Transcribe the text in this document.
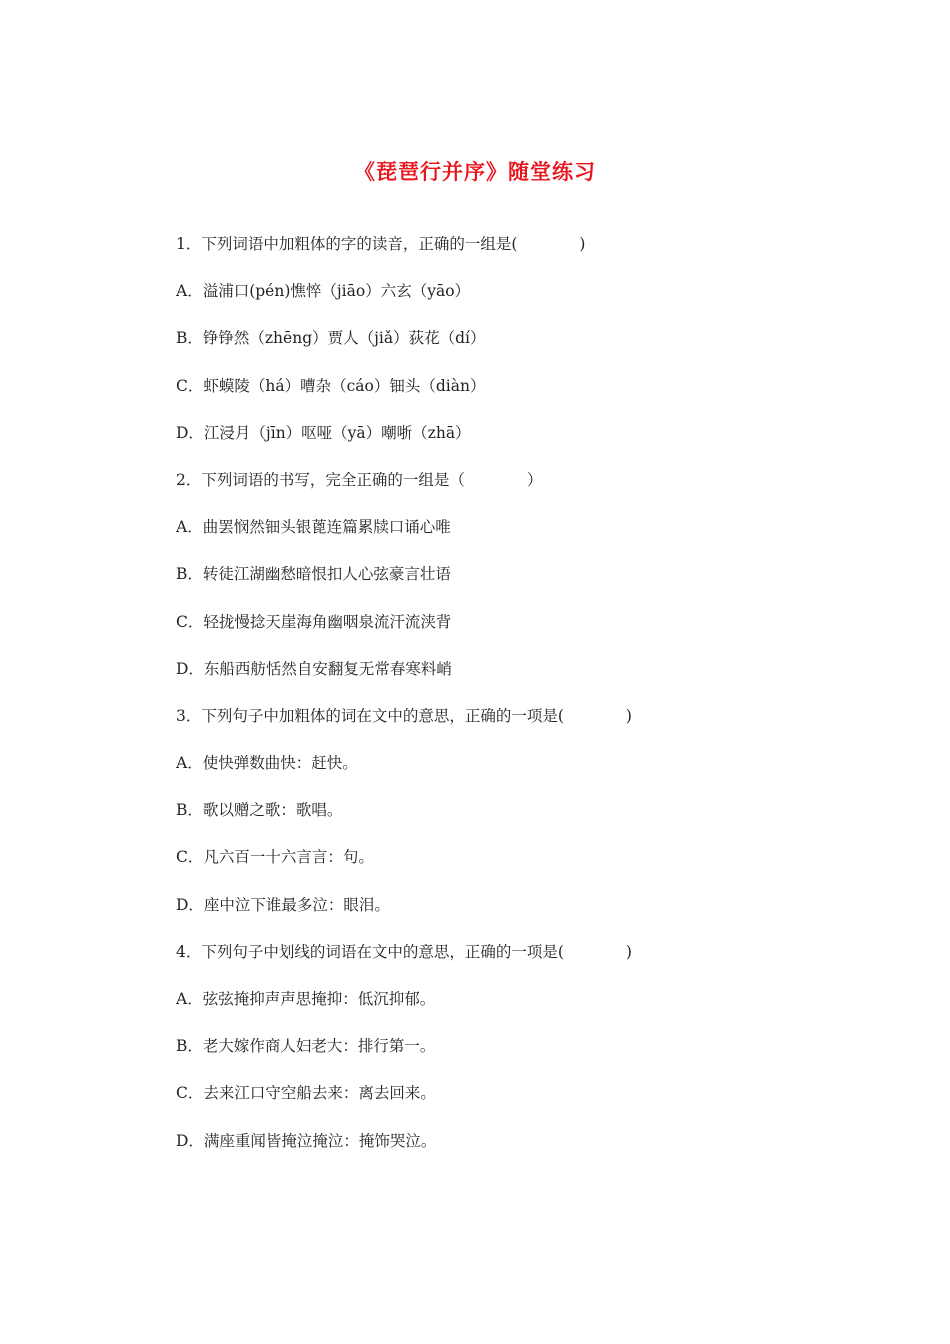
《琵琶行并序》随堂练习
1．下列词语中加粗体的字的读音，正确的一组是(　　　　)
A．溢浦口(pén)憔悴（jiāo）六玄（yāo）
B．铮铮然（zhēng）贾人（jiǎ）荻花（dí）
C．虾蟆陵（há）嘈杂（cáo）钿头（diàn）
D．江浸月（jīn）呕哑（yā）嘲哳（zhā）
2．下列词语的书写，完全正确的一组是（　　　　）
A．曲罢悯然钿头银蓖连篇累牍口诵心唯
B．转徒江湖幽愁暗恨扣人心弦豪言壮语
C．轻拢慢捻天崖海角幽咽泉流汗流浃背
D．东船西舫恬然自安翻复无常春寒料峭
3．下列句子中加粗体的词在文中的意思，正确的一项是(　　　　)
A．使快弹数曲快：赶快。
B．歌以赠之歌：歌唱。
C．凡六百一十六言言：句。
D．座中泣下谁最多泣：眼泪。
4．下列句子中划线的词语在文中的意思，正确的一项是(　　　　)
A．弦弦掩抑声声思掩抑：低沉抑郁。
B．老大嫁作商人妇老大：排行第一。
C．去来江口守空船去来：离去回来。
D．满座重闻皆掩泣掩泣：掩饰哭泣。
